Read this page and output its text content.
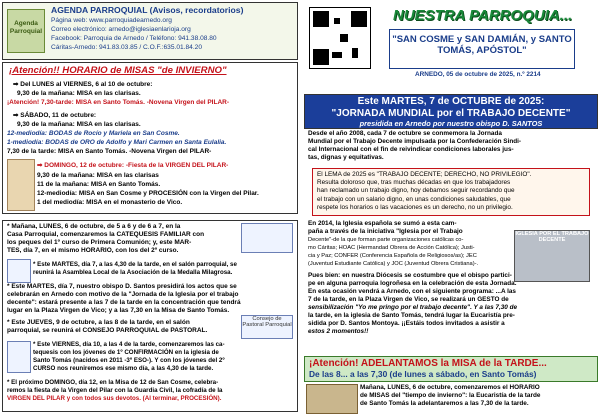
Agenda Parroquial
AGENDA PARROQUIAL (Avisos, recordatorios)
Página web: www.parroquiadearnedo.org
Correo electrónico: arnedo@iglesiaenlarioja.org
Facebook: Parroquia de Arnedo / Teléfono: 941.38.08.80
Cáritas-Arnedo: 941.83.03.85 / C.O.F.:635.01.84.20
¡Atención!! HORARIO de MISAS "de INVIERNO"
➡ Del LUNES al VIERNES, 6 al 10 de octubre:
9,30 de la mañana: MISA en las clarisas.
¡Atención! 7,30-tarde: MISA en Santo Tomás. -Novena Virgen del PILAR-
➡ SÁBADO, 11 de octubre:
9,30 de la mañana: MISA en las clarisas.
12-mediodía: BODAS de Rocío y Mariela en San Cosme.
1-mediodía: BODAS de ORO de Adolfo y Mari Carmen en Santa Eulalia.
7,30 de la tarde: MISA en Santo Tomás. -Novena Virgen del PILAR-
➡ DOMINGO, 12 de octubre: -Fiesta de la VIRGEN DEL PILAR-
9,30 de la mañana: MISA en las clarisas
11 de la mañana: MISA en Santo Tomás.
12-mediodía: MISA en San Cosme y PROCESIÓN con la Virgen del Pilar.
1 del mediodía: MISA en el monasterio de Vico.
* Mañana, LUNES, 6 de octubre, de 5 a 6 y de 6 a 7, en la
Casa Parroquial, comenzaremos la CATEQUESIS FAMILIAR con
los peques del 1º curso de Primera Comunión; y, este MAR-
TES, día 7, en el mismo HORARIO, con los del 2º curso.
* Este MARTES, día 7, a las 4,30 de la tarde, en el salón parroquial, se
reunirá la Asamblea Local de la Asociación de la Medalla Milagrosa.
* Este MARTES, día 7, nuestro obispo D. Santos presidirá los actos que se
celebrarán en Arnedo con motivo de la "Jornada de la Iglesia por el trabajo
decente": estará presente a las 7 de la tarde en la concentración que tendrá
lugar en la Plaza Virgen de Vico; y a las 7,30 en la Misa de Santo Tomás.
* Este JUEVES, 9 de octubre, a las 8 de la tarde, en el salón
parroquial, se reunirá el CONSEJO PARROQUIAL de PASTORAL.
Consejo de Pastoral Parroquial
* Este VIERNES, día 10, a las 4 de la tarde, comenzaremos las ca-
tequesis con los jóvenes de 1º CONFIRMACIÓN en la iglesia de
Santo Tomás (nacidos en 2011 -3º ESO-). Y con los jóvenes del 2º
CURSO nos reuniremos ese mismo día, a las 4,30 de la tarde.
* El próximo DOMINGO, día 12, en la Misa de 12 de San Cosme, celebra-
remos la fiesta de la Virgen del Pilar con la Guardia Civil, la cofradía de la
VIRGEN DEL PILAR y con todos sus devotos. (Al terminar, PROCESIÓN).
NUESTRA PARROQUIA...
"SAN COSME y SAN DAMIÁN, y SANTO TOMÁS, APÓSTOL"
ARNEDO, 05 de octubre de 2025, n.º 2214
Este MARTES, 7 de OCTUBRE de 2025:
"JORNADA MUNDIAL por el TRABAJO DECENTE"
presidida en Arnedo por nuestro obispo D. SANTOS
Desde el año 2008, cada 7 de octubre se conmemora la Jornada
Mundial por el Trabajo Decente impulsada por la Confederación Sindi-
cal Internacional con el fin de reivindicar condiciones laborales jus-
tas, dignas y equitativas.
El LEMA de 2025 es "TRABAJO DECENTE; DERECHO, NO PRIVILEGIO".
Resulta doloroso que, tras muchas décadas en que los trabajadores
han reclamado un trabajo digno, hoy debamos seguir recordando que
el trabajo con un salario digno, en unas condiciones saludables, que
respete los horarios o las vacaciones es un derecho, no un privilegio.
En 2014, la Iglesia española se sumó a esta cam-
paña a través de la iniciativa "Iglesia por el Trabajo
Decente"-de la que forman parte organizaciones católicas co-
mo Cáritas; HOAC (Hermandad Obrera de Acción Católica); Justi-
cia y Paz; CONFER (Conferencia Española de Religiosos/as); JEC
(Juventud Estudiante Católica) y JOC (Juventud Obrera Cristiana)-.
IGLESIA POR EL TRABAJO DECENTE
Pues bien: en nuestra Diócesis se costumbre que el obispo partici-
pe en alguna parroquia logroñesa en la celebración de esta Jornada.
En esta ocasión vendrá a Arnedo, con el siguiente programa: ...A las
7 de la tarde, en la Plaza Virgen de Vico, se realizará un GESTO de
sensibilización "Yo me pringo por el trabajo decente". Y a las 7,30 de
la tarde, en la iglesia de Santo Tomás, tendrá lugar la Eucaristía pre-
sidida por D. Santos Montoya. ¡¡Estáis todos invitados a asistir a
estos 2 momentos!!
¡Atención! ADELANTAMOS la MISA de la TARDE...
De las 8... a las 7,30 (de lunes a sábado, en Santo Tomás)
Mañana, LUNES, 6 de octubre, comenzaremos el HORARIO
de MISAS del "tiempo de invierno": la Eucaristía de la tarde
de Santo Tomás la adelantaremos a las 7,30 de la tarde.
